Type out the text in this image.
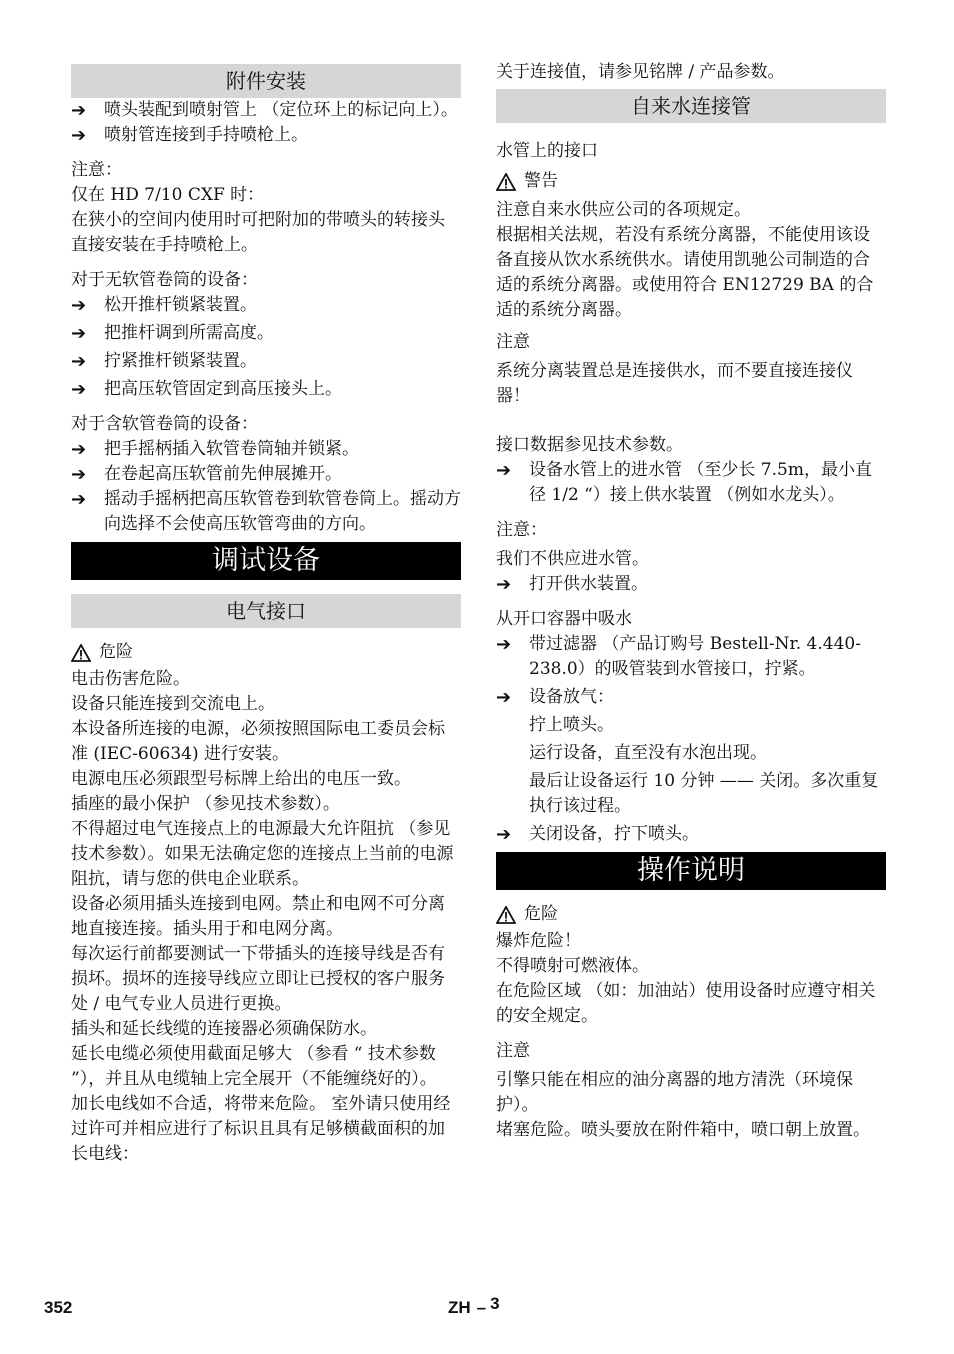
附件安装
➔	喷头装配到喷射管上 （定位环上的标记向上）。
➔	喷射管连接到手持喷枪上。

注意：

仅在 HD 7/10 CXF 时：

在狭小的空间内使用时可把附加的带喷头的转接头直接安装在手持喷枪上。

对于无软管卷筒的设备：

➔	松开推杆锁紧装置。
➔	把推杆调到所需高度。
➔	拧紧推杆锁紧装置。
➔	把高压软管固定到高压接头上。

对于含软管卷筒的设备：

➔	把手摇柄插入软管卷筒轴并锁紧。
➔	在卷起高压软管前先伸展摊开。
➔	摇动手摇柄把高压软管卷到软管卷筒上。摇动方向选择不会使高压软管弯曲的方向。
调试设备
电气接口
危险

电击伤害危险。

设备只能连接到交流电上。

本设备所连接的电源，必须按照国际电工委员会标准 (IEC-60634) 进行安装。

电源电压必须跟型号标牌上给出的电压一致。

插座的最小保护 （参见技术参数）。

不得超过电气连接点上的电源最大允许阻抗 （参见技术参数）。如果无法确定您的连接点上当前的电源阻抗，请与您的供电企业联系。

设备必须用插头连接到电网。禁止和电网不可分离地直接连接。插头用于和电网分离。

每次运行前都要测试一下带插头的连接导线是否有损坏。损坏的连接导线应立即让已授权的客户服务处 / 电气专业人员进行更换。

插头和延长线缆的连接器必须确保防水。

延长电缆必须使用截面足够大 （参看 “ 技术参数 ”），并且从电缆轴上完全展开（不能缠绕好的）。

加长电线如不合适，将带来危险。 室外请只使用经过许可并相应进行了标识且具有足够横截面积的加长电线：

关于连接值，请参见铭牌 / 产品参数。

自来水连接管

水管上的接口

警告

注意自来水供应公司的各项规定。

根据相关法规，若没有系统分离器，不能使用该设备直接从饮水系统供水。请使用凯驰公司制造的合适的系统分离器。或使用符合 EN12729 BA 的合适的系统分离器。

注意

系统分离装置总是连接供水，而不要直接连接仪器！

接口数据参见技术参数。

➔	设备水管上的进水管 （至少长 7.5m，最小直径 1/2 “）接上供水装置 （例如水龙头）。

注意：

我们不供应进水管。

➔	打开供水装置。

从开口容器中吸水

➔	带过滤器 （产品订购号 Bestell-Nr. 4.440-238.0）的吸管装到水管接口，拧紧。
➔	设备放气：

拧上喷头。

运行设备，直至没有水泡出现。

最后让设备运行 10 分钟 —— 关闭。多次重复执行该过程。

➔	关闭设备，拧下喷头。
操作说明
危险

爆炸危险！

不得喷射可燃液体。

在危险区域 （如：加油站）使用设备时应遵守相关的安全规定。

注意

引擎只能在相应的油分离器的地方清洗（环境保护）。

堵塞危险。喷头要放在附件箱中，喷口朝上放置。

352	ZH – 3
